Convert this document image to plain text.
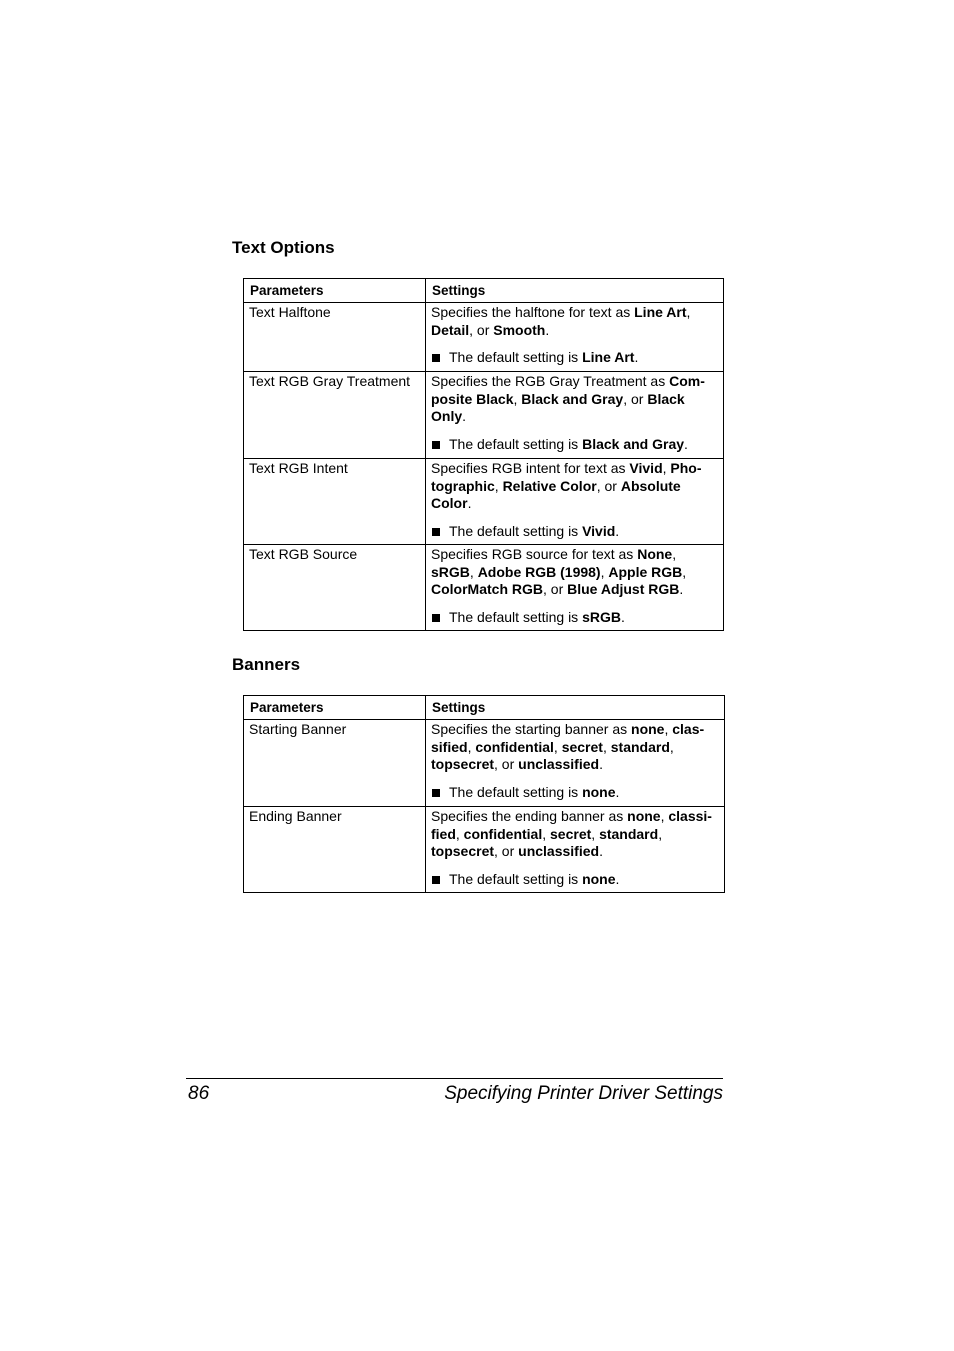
Text Options
Parameters	Settings
Text Halftone	Specifies the halftone for text as Line Art, Detail, or Smooth.
The default setting is Line Art.

Text RGB Gray Treatment	Specifies the RGB Gray Treatment as Com-posite Black, Black and Gray, or Black Only.
The default setting is Black and Gray.

Text RGB Intent	Specifies RGB intent for text as Vivid, Pho-tographic, Relative Color, or Absolute Color.
The default setting is Vivid.

Text RGB Source	Specifies RGB source for text as None, sRGB, Adobe RGB (1998), Apple RGB, ColorMatch RGB, or Blue Adjust RGB.
The default setting is sRGB.
Banners
Parameters	Settings
Starting Banner	Specifies the starting banner as none, clas-sified, confidential, secret, standard, topsecret, or unclassified.
The default setting is none.

Ending Banner	Specifies the ending banner as none, classi-fied, confidential, secret, standard, topsecret, or unclassified.
The default setting is none.
86	Specifying Printer Driver Settings
